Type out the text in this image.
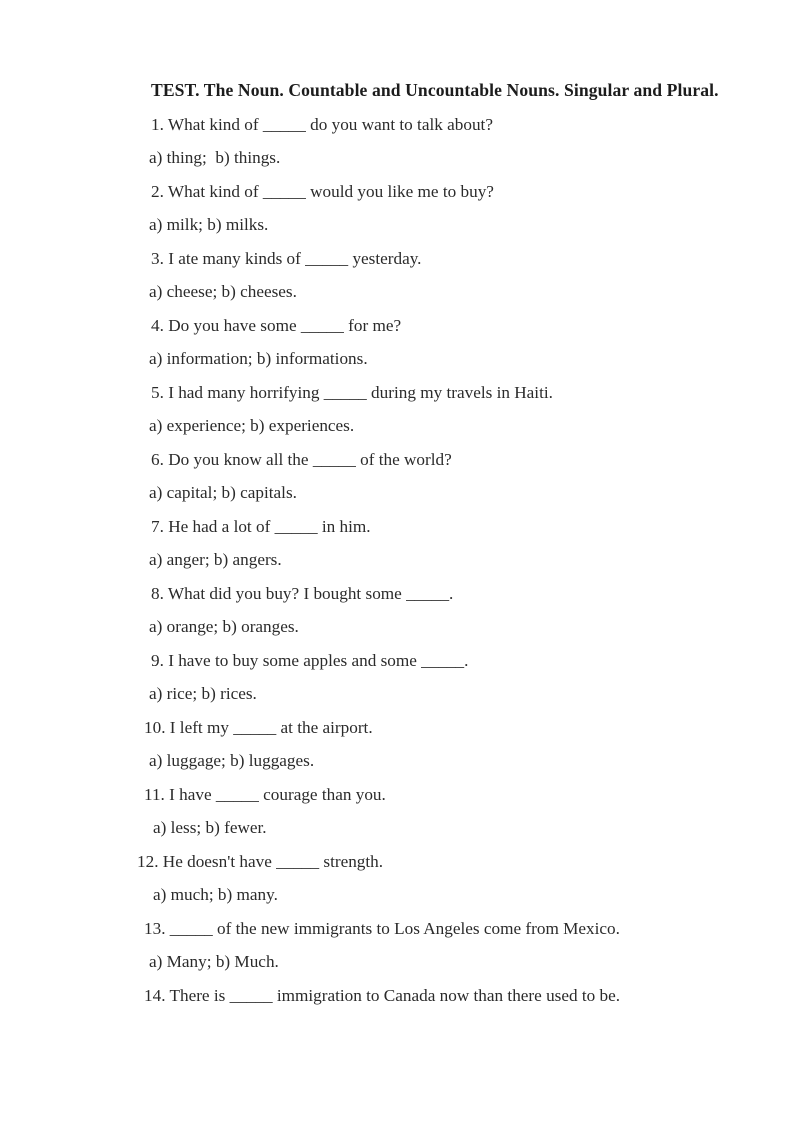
TEST. The Noun. Countable and Uncountable Nouns. Singular and Plural.

1. What kind of _____ do you want to talk about?

a) thing;  b) things.

2. What kind of _____ would you like me to buy?

a) milk; b) milks.

3. I ate many kinds of _____ yesterday.

a) cheese; b) cheeses.

4. Do you have some _____ for me?

a) information; b) informations.

5. I had many horrifying _____ during my travels in Haiti.

a) experience; b) experiences.

6. Do you know all the _____ of the world?

a) capital; b) capitals.

7. He had a lot of _____ in him.

a) anger; b) angers.

8. What did you buy? I bought some _____.

a) orange; b) oranges.

9. I have to buy some apples and some _____.

a) rice; b) rices.

10. I left my _____ at the airport.

a) luggage; b) luggages.

11. I have _____ courage than you.

a) less; b) fewer.

12. He doesn't have _____ strength.

a) much; b) many.

13. _____ of the new immigrants to Los Angeles come from Mexico.

a) Many; b) Much.

14. There is _____ immigration to Canada now than there used to be.
